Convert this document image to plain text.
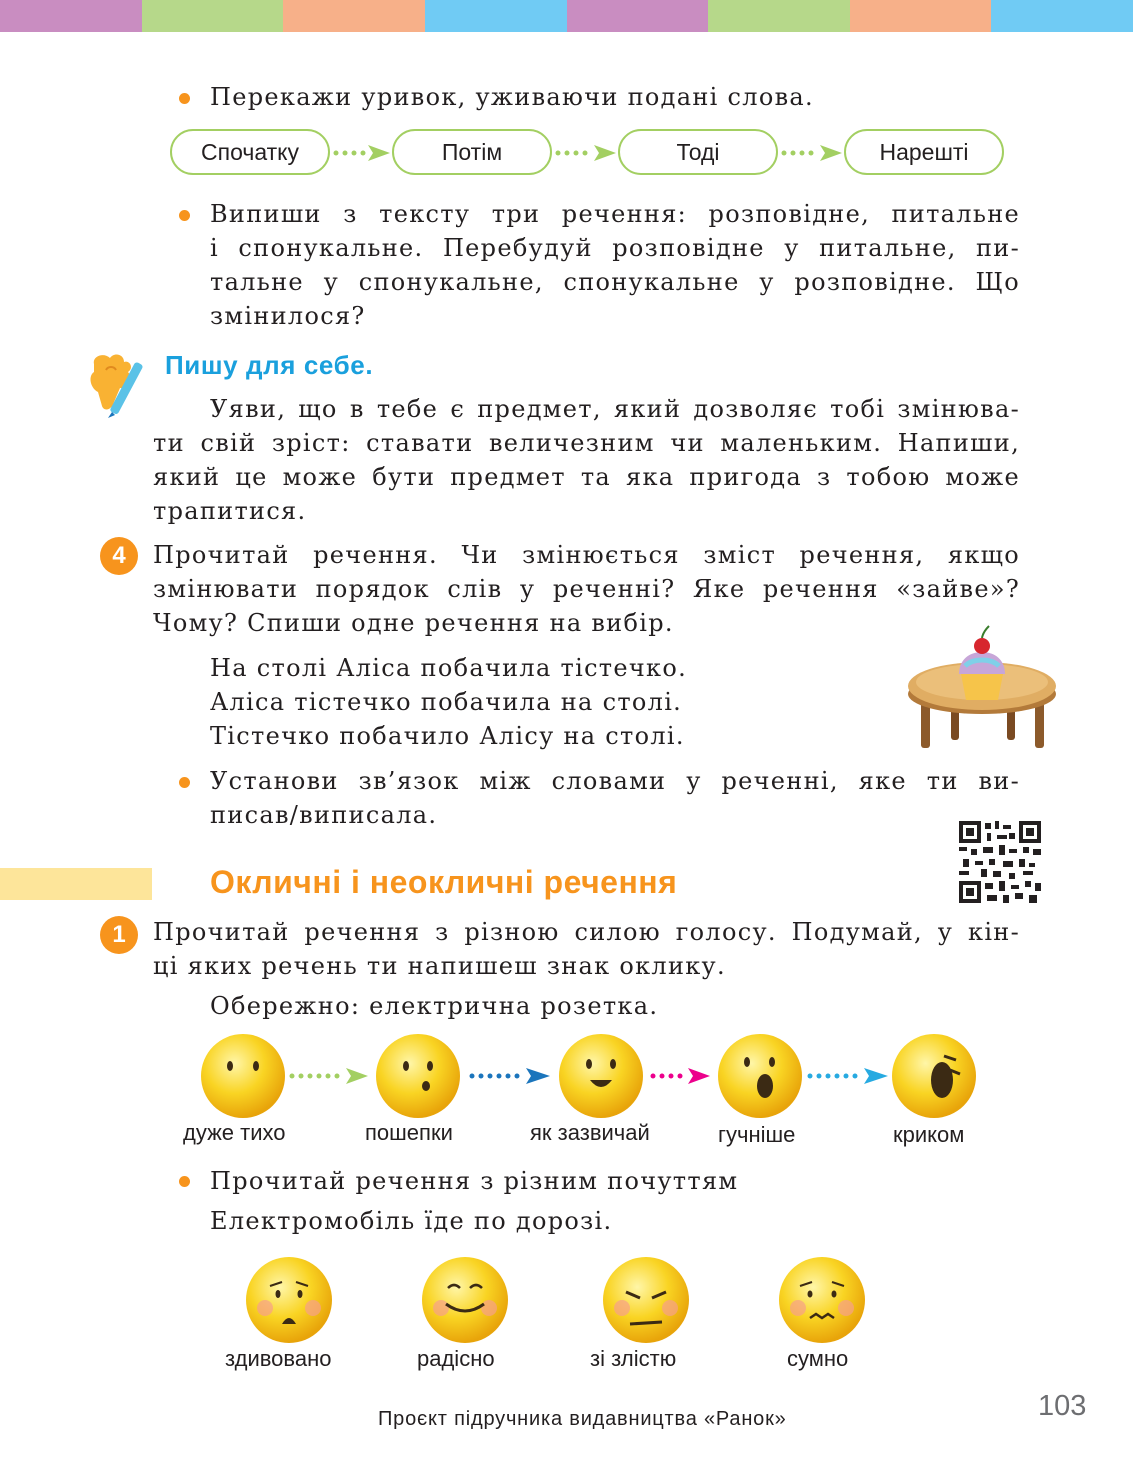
Перекажи уривок, уживаючи подані слова.
Спочатку	Потім	Тоді	Нарешті
Випиши з тексту три речення: розповідне, питальне
і спонукальне. Перебудуй розповідне у питальне, пи-
тальне у спонукальне, спонукальне у розповідне. Що
змінилося?
Пишу для себе.
Уяви, що в тебе є предмет, який дозволяє тобі змінюва-
ти свій зріст: ставати величезним чи маленьким. Напиши,
який це може бути предмет та яка пригода з тобою може
трапитися.
4	Прочитай речення. Чи змінюється зміст речення, якщо
змінювати порядок слів у реченні? Яке речення «зайве»?
Чому? Спиши одне речення на вибір.
На столі Аліса побачила тістечко.
Аліса тістечко побачила на столі.
Тістечко побачило Алісу на столі.
Установи зв’язок між словами у реченні, яке ти ви-
писав/виписала.
Окличні і неокличні речення
1	Прочитай речення з різною силою голосу. Подумай, у кін-
ці яких речень ти напишеш знак оклику.
Обережно: електрична розетка.
дуже тихо	пошепки	як зазвичай	гучніше	криком
Прочитай речення з різним почуттям
Електромобіль їде по дорозі.
здивовано	радісно	зі злістю	сумно
Проєкт підручника видавництва «Ранок»	103
